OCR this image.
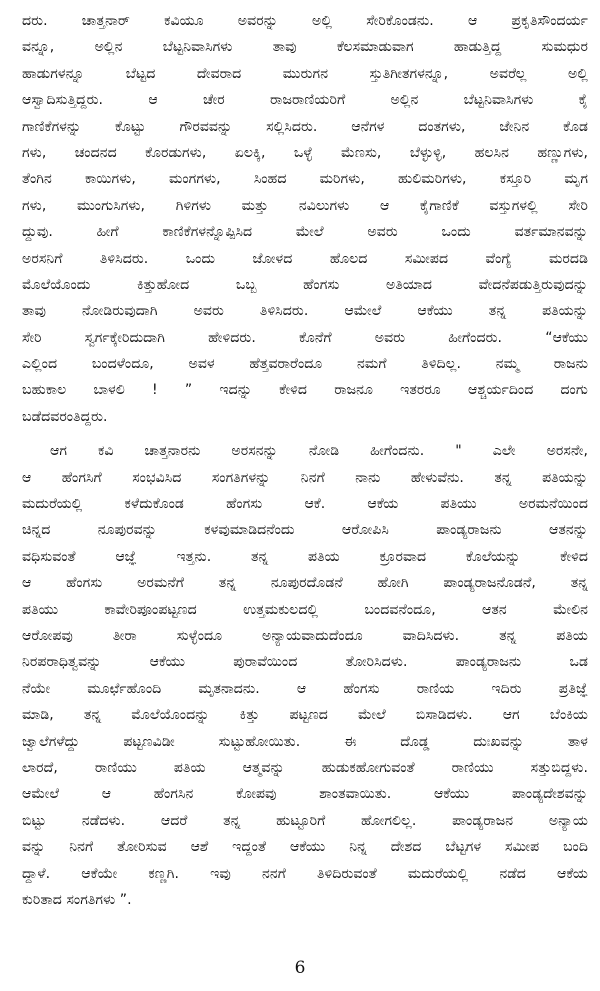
ದರು. ಚಾತ್ತನಾರ್ ಕವಿಯೂ ಅವರನ್ನು ಅಲ್ಲಿ ಸೇರಿಕೊಂಡನು. ಆ ಪ್ರಕೃತಿಸೌಂದರ್ಯ
ವನ್ನೂ, ಅಲ್ಲಿನ ಬೆಟ್ಟನಿವಾಸಿಗಳು ತಾವು ಕೆಲಸಮಾಡುವಾಗ ಹಾಡುತ್ತಿದ್ದ ಸುಮಧುರ
ಹಾಡುಗಳನ್ನೂ ಬೆಟ್ಟದ ದೇವರಾದ ಮುರುಗನ ಸ್ತುತಿಗೀತಗಳನ್ನೂ, ಅವರೆಲ್ಲ ಅಲ್ಲಿ
ಆಸ್ವಾದಿಸುತ್ತಿದ್ದರು. ಆ ಚೇರ ರಾಜರಾಣಿಯರಿಗೆ ಅಲ್ಲಿನ ಬೆಟ್ಟನಿವಾಸಿಗಳು ಕೈ
ಗಾಣಿಕೆಗಳನ್ನು ಕೊಟ್ಟು ಗೌರವವನ್ನು ಸಲ್ಲಿಸಿದರು. ಆನೆಗಳ ದಂತಗಳು, ಜೇನಿನ ಕೊಡ
ಗಳು, ಚಂದನದ ಕೊರಡುಗಳು, ಏಲಕ್ಕಿ, ಒಳ್ಳೆ ಮೆಣಸು, ಬೆಳ್ಳುಳ್ಳಿ, ಹಲಸಿನ ಹಣ್ಣುಗಳು,
ತೆಂಗಿನ ಕಾಯಿಗಳು, ಮಂಗಗಳು, ಸಿಂಹದ ಮರಿಗಳು, ಹುಲಿಮರಿಗಳು, ಕಸ್ತೂರಿ ಮೃಗ
ಗಳು, ಮುಂಗುಸಿಗಳು, ಗಿಳಿಗಳು ಮತ್ತು ನವಿಲುಗಳು ಆ ಕೈಗಾಣಿಕೆ ವಸ್ತುಗಳಲ್ಲಿ ಸೇರಿ
ದ್ದುವು. ಹೀಗೆ ಕಾಣಿಕೆಗಳನ್ನೊಪ್ಪಿಸಿದ ಮೇಲೆ ಅವರು ಒಂದು ವರ್ತಮಾನವನ್ನು
ಅರಸನಿಗೆ ತಿಳಿಸಿದರು. ಒಂದು ಜೋಳದ ಹೊಲದ ಸಮೀಪದ ವೆಂಗ್ಯೆ ಮರದಡಿ
ಮೊಲೆಯೊಂದು ಕಿತ್ತುಹೋದ ಒಬ್ಬ ಹೆಂಗಸು ಅತಿಯಾದ ವೇದನೆಪಡುತ್ತಿರುವುದನ್ನು
ತಾವು ನೋಡಿರುವುದಾಗಿ ಅವರು ತಿಳಿಸಿದರು. ಆಮೇಲೆ ಆಕೆಯು ತನ್ನ ಪತಿಯನ್ನು
ಸೇರಿ ಸ್ವರ್ಗಕ್ಕೇರಿದುದಾಗಿ ಹೇಳಿದರು. ಕೊನೆಗೆ ಅವರು ಹೀಗೆಂದರು. “ಆಕೆಯು
ಎಲ್ಲಿಂದ ಬಂದಳೆಂದೂ, ಅವಳ ಹೆತ್ತವರಾರೆಂದೂ ನಮಗೆ ತಿಳಿದಿಲ್ಲ. ನಮ್ಮ ರಾಜನು
ಬಹುಕಾಲ ಬಾಳಲಿ ! ” ಇದನ್ನು ಕೇಳಿದ ರಾಜನೂ ಇತರರೂ ಆಶ್ಚರ್ಯದಿಂದ ದಂಗು
ಬಡೆದವರಂತಿದ್ದರು.
ಆಗ ಕವಿ ಚಾತ್ತನಾರನು ಅರಸನನ್ನು ನೋಡಿ ಹೀಗೆಂದನು. " ಎಲೇ ಅರಸನೇ,
ಆ ಹೆಂಗಸಿಗೆ ಸಂಭವಿಸಿದ ಸಂಗತಿಗಳನ್ನು ನಿನಗೆ ನಾನು ಹೇಳುವೆನು. ತನ್ನ ಪತಿಯನ್ನು
ಮದುರೆಯಲ್ಲಿ ಕಳೆದುಕೊಂಡ ಹೆಂಗಸು ಆಕೆ. ಆಕೆಯ ಪತಿಯು ಅರಮನೆಯಿಂದ
ಚಿನ್ನದ ನೂಪುರವನ್ನು ಕಳವುಮಾಡಿದನೆಂದು ಆರೋಪಿಸಿ ಪಾಂಡ್ಯರಾಜನು ಆತನನ್ನು
ವಧಿಸುವಂತೆ ಆಜ್ಞೆ ಇತ್ತನು. ತನ್ನ ಪತಿಯ ಕ್ರೂರವಾದ ಕೊಲೆಯನ್ನು ಕೇಳಿದ
ಆ ಹೆಂಗಸು ಅರಮನೆಗೆ ತನ್ನ ನೂಪುರದೊಡನೆ ಹೋಗಿ ಪಾಂಡ್ಯರಾಜನೊಡನೆ, ತನ್ನ
ಪತಿಯು ಕಾವೇರಿಪೂಂಪಟ್ಟಣದ ಉತ್ತಮಕುಲದಲ್ಲಿ ಬಂದವನೆಂದೂ, ಆತನ ಮೇಲಿನ
ಆರೋಪವು ತೀರಾ ಸುಳ್ಳೆಂದೂ ಅನ್ಯಾಯವಾದುದೆಂದೂ ವಾದಿಸಿದಳು. ತನ್ನ ಪತಿಯ
ನಿರಪರಾಧಿತ್ವವನ್ನು ಆಕೆಯು ಪುರಾವೆಯಿಂದ ತೋರಿಸಿದಳು. ಪಾಂಡ್ಯರಾಜನು ಒಡ
ನೆಯೇ ಮೂರ್ಛೆಹೊಂದಿ ಮೃತನಾದನು. ಆ ಹೆಂಗಸು ರಾಣಿಯ ಇದಿರು ಪ್ರತಿಜ್ಞೆ
ಮಾಡಿ, ತನ್ನ ಮೊಲೆಯೊಂದನ್ನು ಕಿತ್ತು ಪಟ್ಟಣದ ಮೇಲೆ ಬಿಸಾಡಿದಳು. ಆಗ ಬೆಂಕಿಯ
ಜ್ವಾಲೆಗಳೆದ್ದು ಪಟ್ಟಣವಿಡೀ ಸುಟ್ಟುಹೋಯಿತು. ಈ ದೊಡ್ಡ ದುಃಖವನ್ನು ತಾಳ
ಲಾರದೆ, ರಾಣಿಯು ಪತಿಯ ಆತ್ಮವನ್ನು ಹುಡುಕಹೋಗುವಂತೆ ರಾಣಿಯು ಸತ್ತುಬಿದ್ದಳು.
ಆಮೇಲೆ ಆ ಹೆಂಗಸಿನ ಕೋಪವು ಶಾಂತವಾಯಿತು. ಆಕೆಯು ಪಾಂಡ್ಯದೇಶವನ್ನು
ಬಿಟ್ಟು ನಡೆದಳು. ಆದರೆ ತನ್ನ ಹುಟ್ಟೂರಿಗೆ ಹೋಗಲಿಲ್ಲ. ಪಾಂಡ್ಯರಾಜನ ಅನ್ಯಾಯ
ವನ್ನು ನಿನಗೆ ತೋರಿಸುವ ಆಶೆ ಇದ್ದಂತೆ ಆಕೆಯು ನಿನ್ನ ದೇಶದ ಬೆಟ್ಟಗಳ ಸಮೀಪ ಬಂದಿ
ದ್ದಾಳೆ. ಆಕೆಯೇ ಕಣ್ಣಗಿ. ಇವು ನನಗೆ ತಿಳಿದಿರುವಂತೆ ಮದುರೆಯಲ್ಲಿ ನಡೆದ ಆಕೆಯ
ಕುರಿತಾದ ಸಂಗತಿಗಳು ”.
6
